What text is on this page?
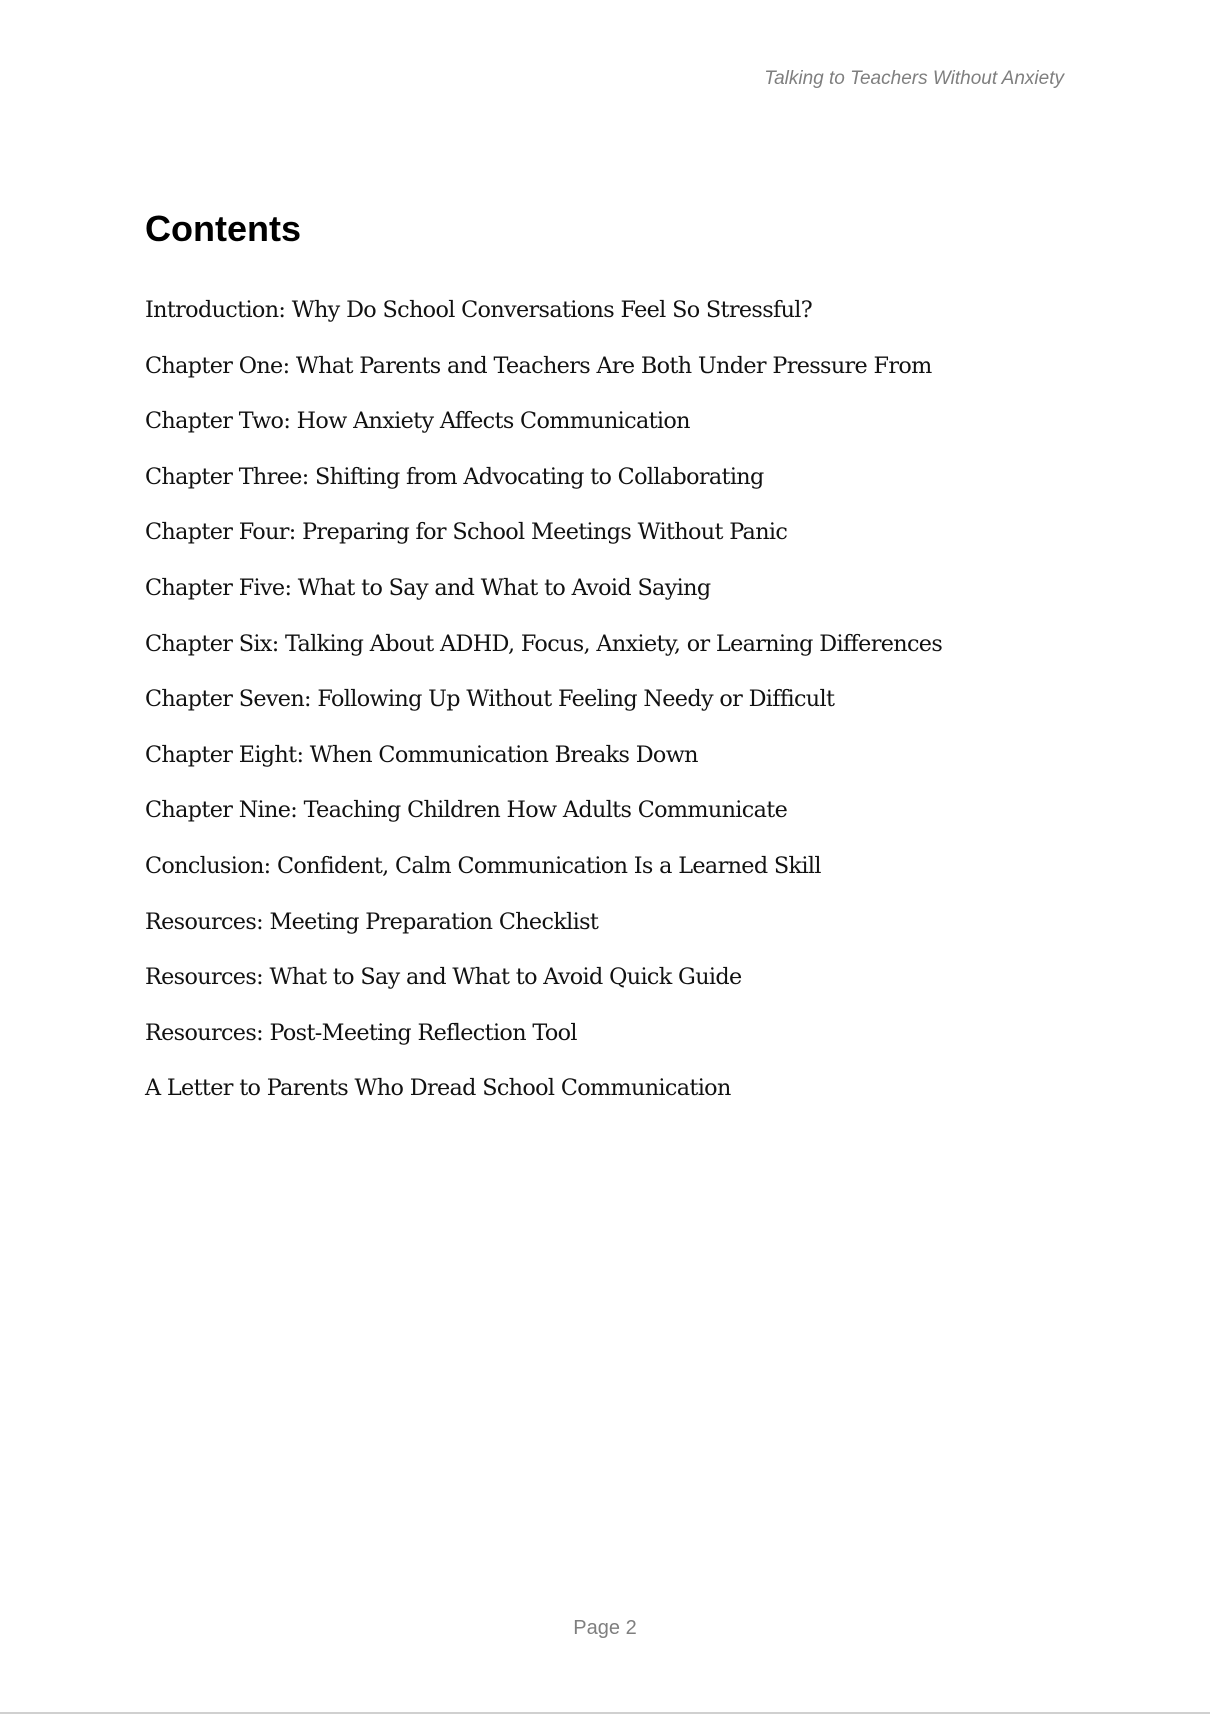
Talking to Teachers Without Anxiety
Contents
Introduction: Why Do School Conversations Feel So Stressful?
Chapter One: What Parents and Teachers Are Both Under Pressure From
Chapter Two: How Anxiety Affects Communication
Chapter Three: Shifting from Advocating to Collaborating
Chapter Four: Preparing for School Meetings Without Panic
Chapter Five: What to Say and What to Avoid Saying
Chapter Six: Talking About ADHD, Focus, Anxiety, or Learning Differences
Chapter Seven: Following Up Without Feeling Needy or Difficult
Chapter Eight: When Communication Breaks Down
Chapter Nine: Teaching Children How Adults Communicate
Conclusion: Confident, Calm Communication Is a Learned Skill
Resources: Meeting Preparation Checklist
Resources: What to Say and What to Avoid Quick Guide
Resources: Post-Meeting Reflection Tool
A Letter to Parents Who Dread School Communication
Page 2
